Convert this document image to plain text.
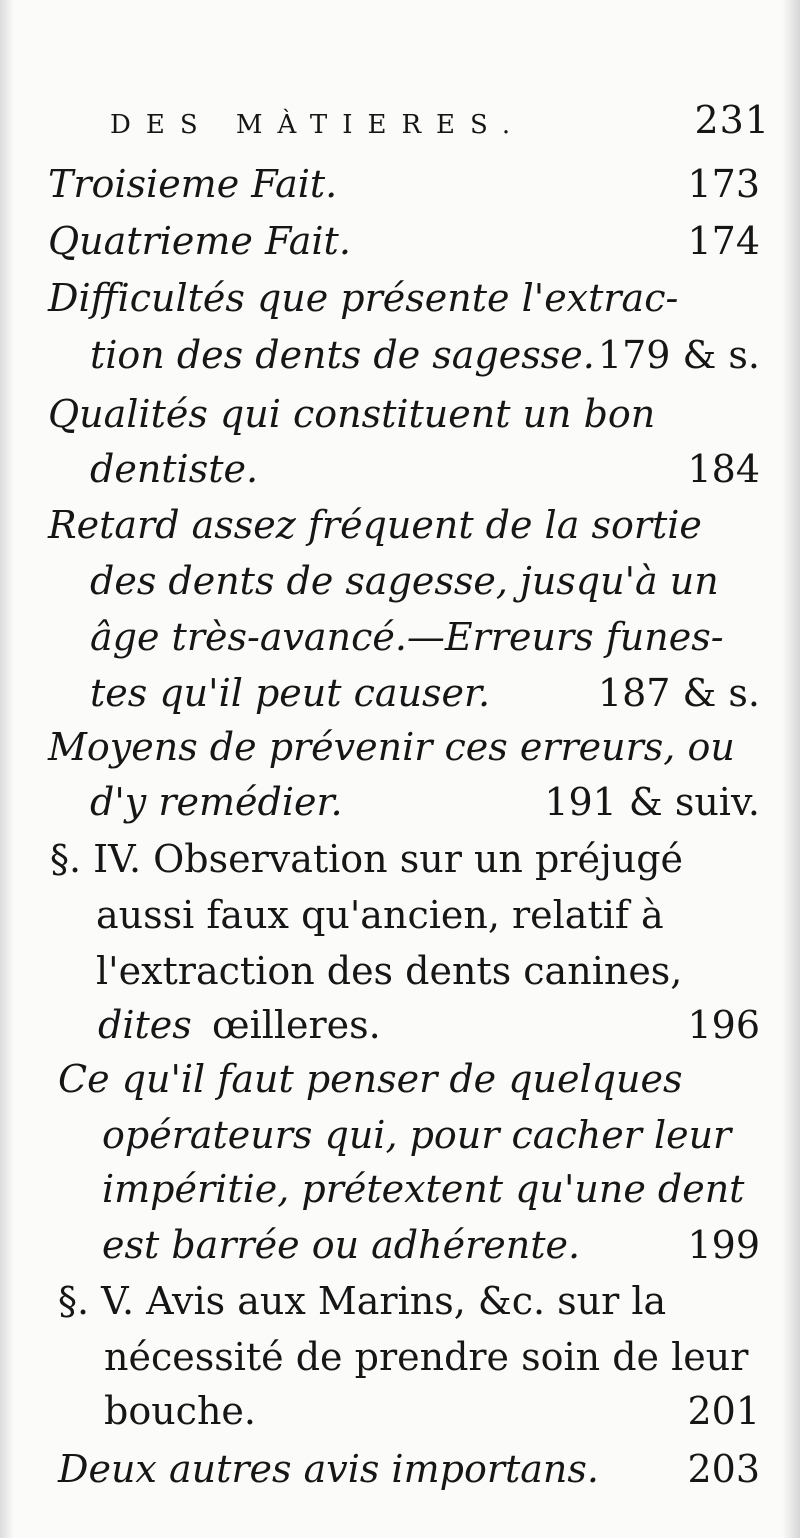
DES MÀTIERES.	231
Troisieme Fait.	173
Quatrieme Fait.	174
Difficultés que présente l'extrac-
tion des dents de sagesse. 179 & s.
Qualités qui constituent un bon
dentiste.	184
Retard assez fréquent de la sortie
des dents de sagesse, jusqu'à un
âge très-avancé.—Erreurs funes-
tes qu'il peut causer.	187 & s.
Moyens de prévenir ces erreurs, ou
d'y remédier.	191 & suiv.
§. IV. Observation sur un préjugé
aussi faux qu'ancien, relatif à
l'extraction des dents canines,
dites œilleres.	196
Ce qu'il faut penser de quelques
opérateurs qui, pour cacher leur
impéritie, prétextent qu'une dent
est barrée ou adhérente.	199
§. V. Avis aux Marins, &c. sur la
nécessité de prendre soin de leur
bouche.	201
Deux autres avis importans. 203
